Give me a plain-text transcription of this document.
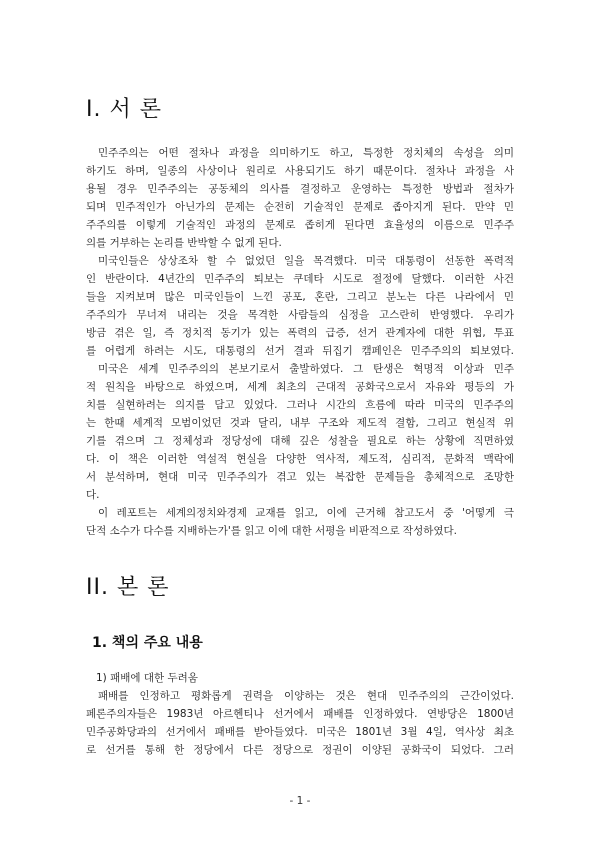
I. 서 론
민주주의는 어떤 절차나 과정을 의미하기도 하고, 특정한 정치체의 속성을 의미
하기도 하며, 일종의 사상이나 원리로 사용되기도 하기 때문이다. 절차나 과정을 사
용될 경우 민주주의는 공동체의 의사를 결정하고 운영하는 특정한 방법과 절차가
되며 민주적인가 아닌가의 문제는 순전히 기술적인 문제로 좁아지게 된다. 만약 민
주주의를 이렇게 기술적인 과정의 문제로 좁히게 된다면 효율성의 이름으로 민주주
의를 거부하는 논리를 반박할 수 없게 된다.
미국인들은 상상조차 할 수 없었던 일을 목격했다. 미국 대통령이 선동한 폭력적
인 반란이다. 4년간의 민주주의 퇴보는 쿠데타 시도로 절정에 달했다. 이러한 사건
들을 지켜보며 많은 미국인들이 느낀 공포, 혼란, 그리고 분노는 다른 나라에서 민
주주의가 무너져 내리는 것을 목격한 사람들의 심정을 고스란히 반영했다. 우리가
방금 겪은 일, 즉 정치적 동기가 있는 폭력의 급증, 선거 관계자에 대한 위협, 투표
를 어렵게 하려는 시도, 대통령의 선거 결과 뒤집기 캠페인은 민주주의의 퇴보였다.
미국은 세계 민주주의의 본보기로서 출발하였다. 그 탄생은 혁명적 이상과 민주
적 원칙을 바탕으로 하였으며, 세계 최초의 근대적 공화국으로서 자유와 평등의 가
치를 실현하려는 의지를 담고 있었다. 그러나 시간의 흐름에 따라 미국의 민주주의
는 한때 세계적 모범이었던 것과 달리, 내부 구조와 제도적 결함, 그리고 현실적 위
기를 겪으며 그 정체성과 정당성에 대해 깊은 성찰을 필요로 하는 상황에 직면하였
다. 이 책은 이러한 역설적 현실을 다양한 역사적, 제도적, 심리적, 문화적 맥락에
서 분석하며, 현대 미국 민주주의가 겪고 있는 복잡한 문제들을 총체적으로 조망한
다.
이 레포트는 세계의정치와경제 교재를 읽고, 이에 근거해 참고도서 중 '어떻게 극
단적 소수가 다수를 지배하는가'를 읽고 이에 대한 서평을 비판적으로 작성하였다.
II. 본 론
1. 책의 주요 내용
1) 패배에 대한 두려움
패배를 인정하고 평화롭게 권력을 이양하는 것은 현대 민주주의의 근간이었다.
페론주의자들은 1983년 아르헨티나 선거에서 패배를 인정하였다. 연방당은 1800년
민주공화당과의 선거에서 패배를 받아들였다. 미국은 1801년 3월 4일, 역사상 최초
로 선거를 통해 한 정당에서 다른 정당으로 정권이 이양된 공화국이 되었다. 그러
- 1 -
